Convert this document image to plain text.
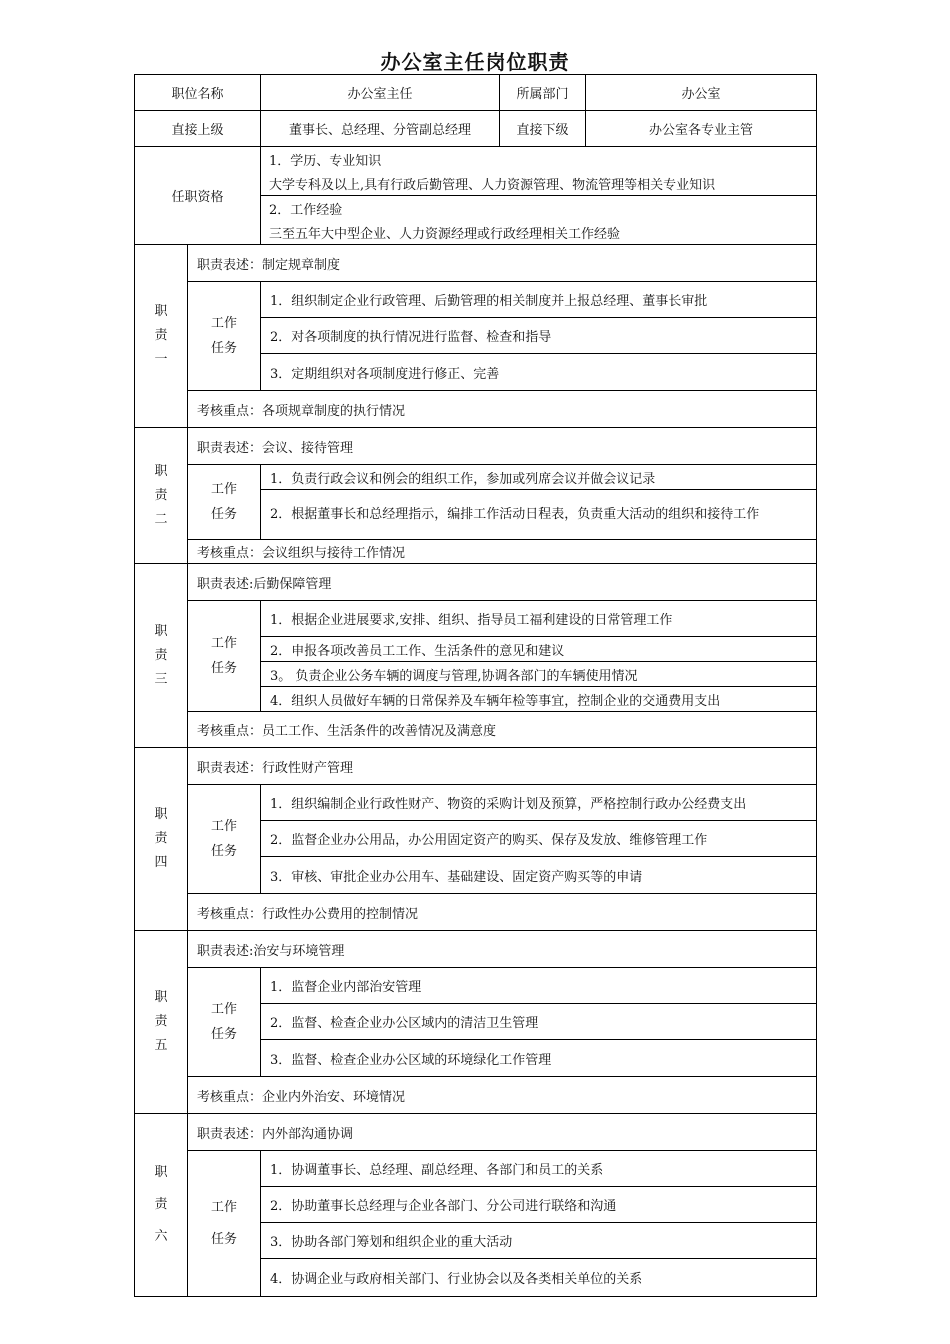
办公室主任岗位职责
职位名称		办公室主任	所属部门	办公室
直接上级		董事长、总经理、分管副总经理	直接下级	办公室各专业主管
任职资格		1．学历、专业知识		
		大学专科及以上,具有行政后勤管理、人力资源管理、物流管理等相关专业知识		
		2．工作经验		
		三至五年大中型企业、人力资源经理或行政经理相关工作经验		

职
责
一	职责表述：制定规章制度			

	工作
任务	1．组织制定企业行政管理、后勤管理的相关制度并上报总经理、董事长审批		
		2．对各项制度的执行情况进行监督、检查和指导		
		3．定期组织对各项制度进行修正、完善		
	考核重点：各项规章制度的执行情况			

职
责
二	职责表述：会议、接待管理			

	工作
任务	1．负责行政会议和例会的组织工作，参加或列席会议并做会议记录		
		2．根据董事长和总经理指示，编排工作活动日程表，负责重大活动的组织和接待工作		
	考核重点：会议组织与接待工作情况			

职
责
三	职责表述:后勤保障管理			

	工作
任务	1．根据企业进展要求,安排、组织、指导员工福利建设的日常管理工作		
		2．申报各项改善员工工作、生活条件的意见和建议		
		3。 负责企业公务车辆的调度与管理,协调各部门的车辆使用情况		
		4．组织人员做好车辆的日常保养及车辆年检等事宜，控制企业的交通费用支出		
	考核重点：员工工作、生活条件的改善情况及满意度			

职
责
四	职责表述：行政性财产管理			

	工作
任务	1．组织编制企业行政性财产、物资的采购计划及预算，严格控制行政办公经费支出		
		2．监督企业办公用品，办公用固定资产的购买、保存及发放、维修管理工作		
		3．审核、审批企业办公用车、基础建设、固定资产购买等的申请		
	考核重点：行政性办公费用的控制情况			

职
责
五	职责表述:治安与环境管理			

	工作
任务	1．监督企业内部治安管理		
		2．监督、检查企业办公区域内的清洁卫生管理		
		3．监督、检查企业办公区域的环境绿化工作管理		
	考核重点：企业内外治安、环境情况			

职
责
六	职责表述：内外部沟通协调			

	工作
任务	1．协调董事长、总经理、副总经理、各部门和员工的关系		
		2．协助董事长总经理与企业各部门、分公司进行联络和沟通		
		3．协助各部门筹划和组织企业的重大活动		
		4．协调企业与政府相关部门、行业协会以及各类相关单位的关系		
